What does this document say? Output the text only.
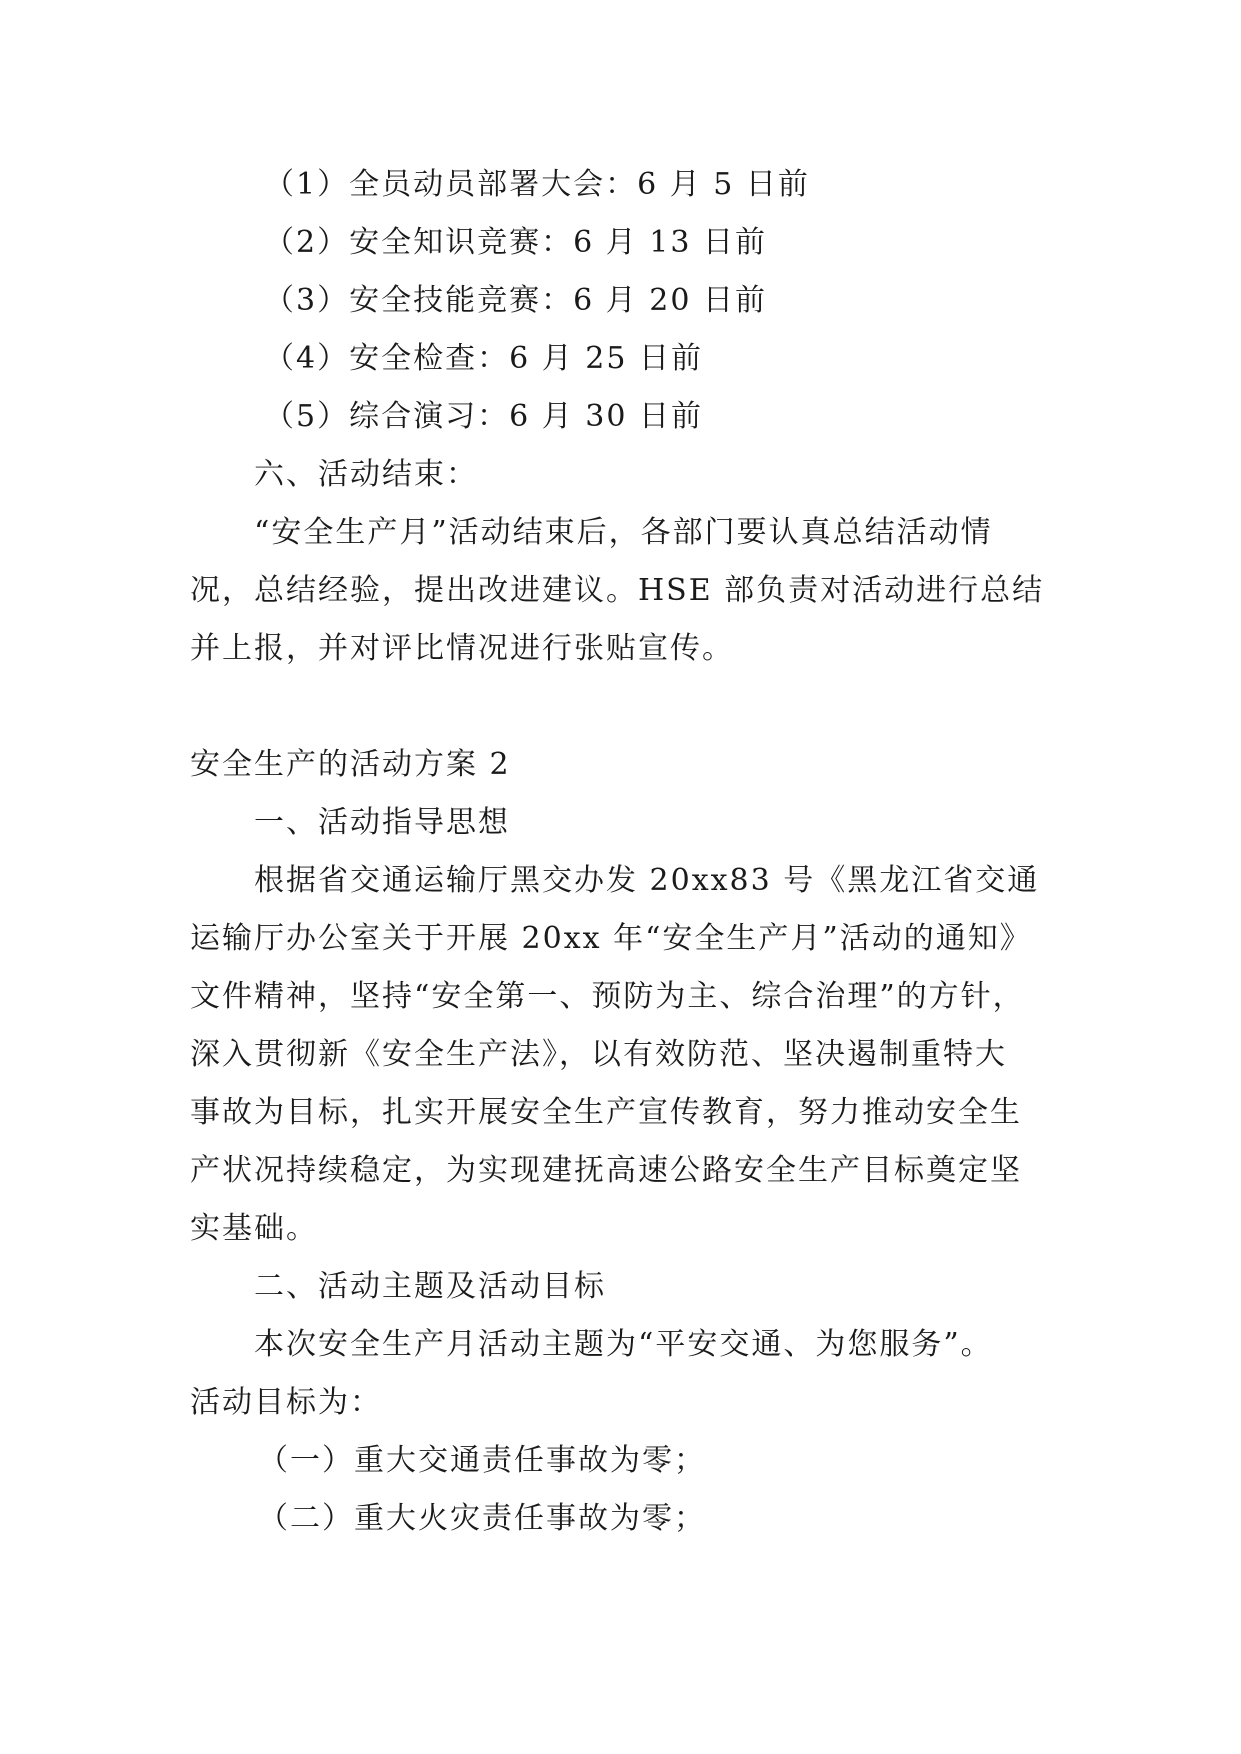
（1）全员动员部署大会：6 月 5 日前
（2）安全知识竞赛：6 月 13 日前
（3）安全技能竞赛：6 月 20 日前
（4）安全检查：6 月 25 日前
（5）综合演习：6 月 30 日前
六、活动结束：
“安全生产月”活动结束后，各部门要认真总结活动情
况，总结经验，提出改进建议。HSE 部负责对活动进行总结
并上报，并对评比情况进行张贴宣传。
安全生产的活动方案 2
一、活动指导思想
根据省交通运输厅黑交办发 20xx83 号《黑龙江省交通
运输厅办公室关于开展 20xx 年“安全生产月”活动的通知》
文件精神，坚持“安全第一、预防为主、综合治理”的方针，
深入贯彻新《安全生产法》，以有效防范、坚决遏制重特大
事故为目标，扎实开展安全生产宣传教育，努力推动安全生
产状况持续稳定，为实现建抚高速公路安全生产目标奠定坚
实基础。
二、活动主题及活动目标
本次安全生产月活动主题为“平安交通、为您服务”。
活动目标为：
（一）重大交通责任事故为零；
（二）重大火灾责任事故为零；
